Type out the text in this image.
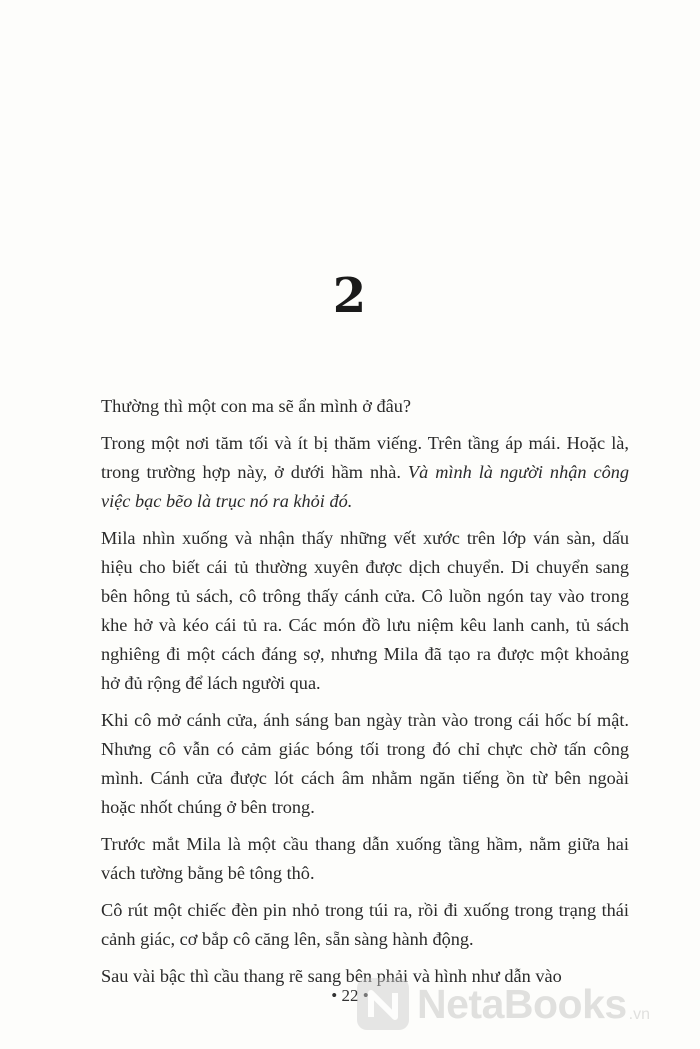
2

Thường thì một con ma sẽ ẩn mình ở đâu?

Trong một nơi tăm tối và ít bị thăm viếng. Trên tầng áp mái. Hoặc là, trong trường hợp này, ở dưới hầm nhà. Và mình là người nhận công việc bạc bẽo là trục nó ra khỏi đó.

Mila nhìn xuống và nhận thấy những vết xước trên lớp ván sàn, dấu hiệu cho biết cái tủ thường xuyên được dịch chuyển. Di chuyển sang bên hông tủ sách, cô trông thấy cánh cửa. Cô luồn ngón tay vào trong khe hở và kéo cái tủ ra. Các món đồ lưu niệm kêu lanh canh, tủ sách nghiêng đi một cách đáng sợ, nhưng Mila đã tạo ra được một khoảng hở đủ rộng để lách người qua.

Khi cô mở cánh cửa, ánh sáng ban ngày tràn vào trong cái hốc bí mật. Nhưng cô vẫn có cảm giác bóng tối trong đó chỉ chực chờ tấn công mình. Cánh cửa được lót cách âm nhằm ngăn tiếng ồn từ bên ngoài hoặc nhốt chúng ở bên trong.

Trước mắt Mila là một cầu thang dẫn xuống tầng hầm, nằm giữa hai vách tường bằng bê tông thô.

Cô rút một chiếc đèn pin nhỏ trong túi ra, rồi đi xuống trong trạng thái cảnh giác, cơ bắp cô căng lên, sẵn sàng hành động.

Sau vài bậc thì cầu thang rẽ sang bên phải và hình như dẫn vào

• 22 •	NetaBooks .vn
